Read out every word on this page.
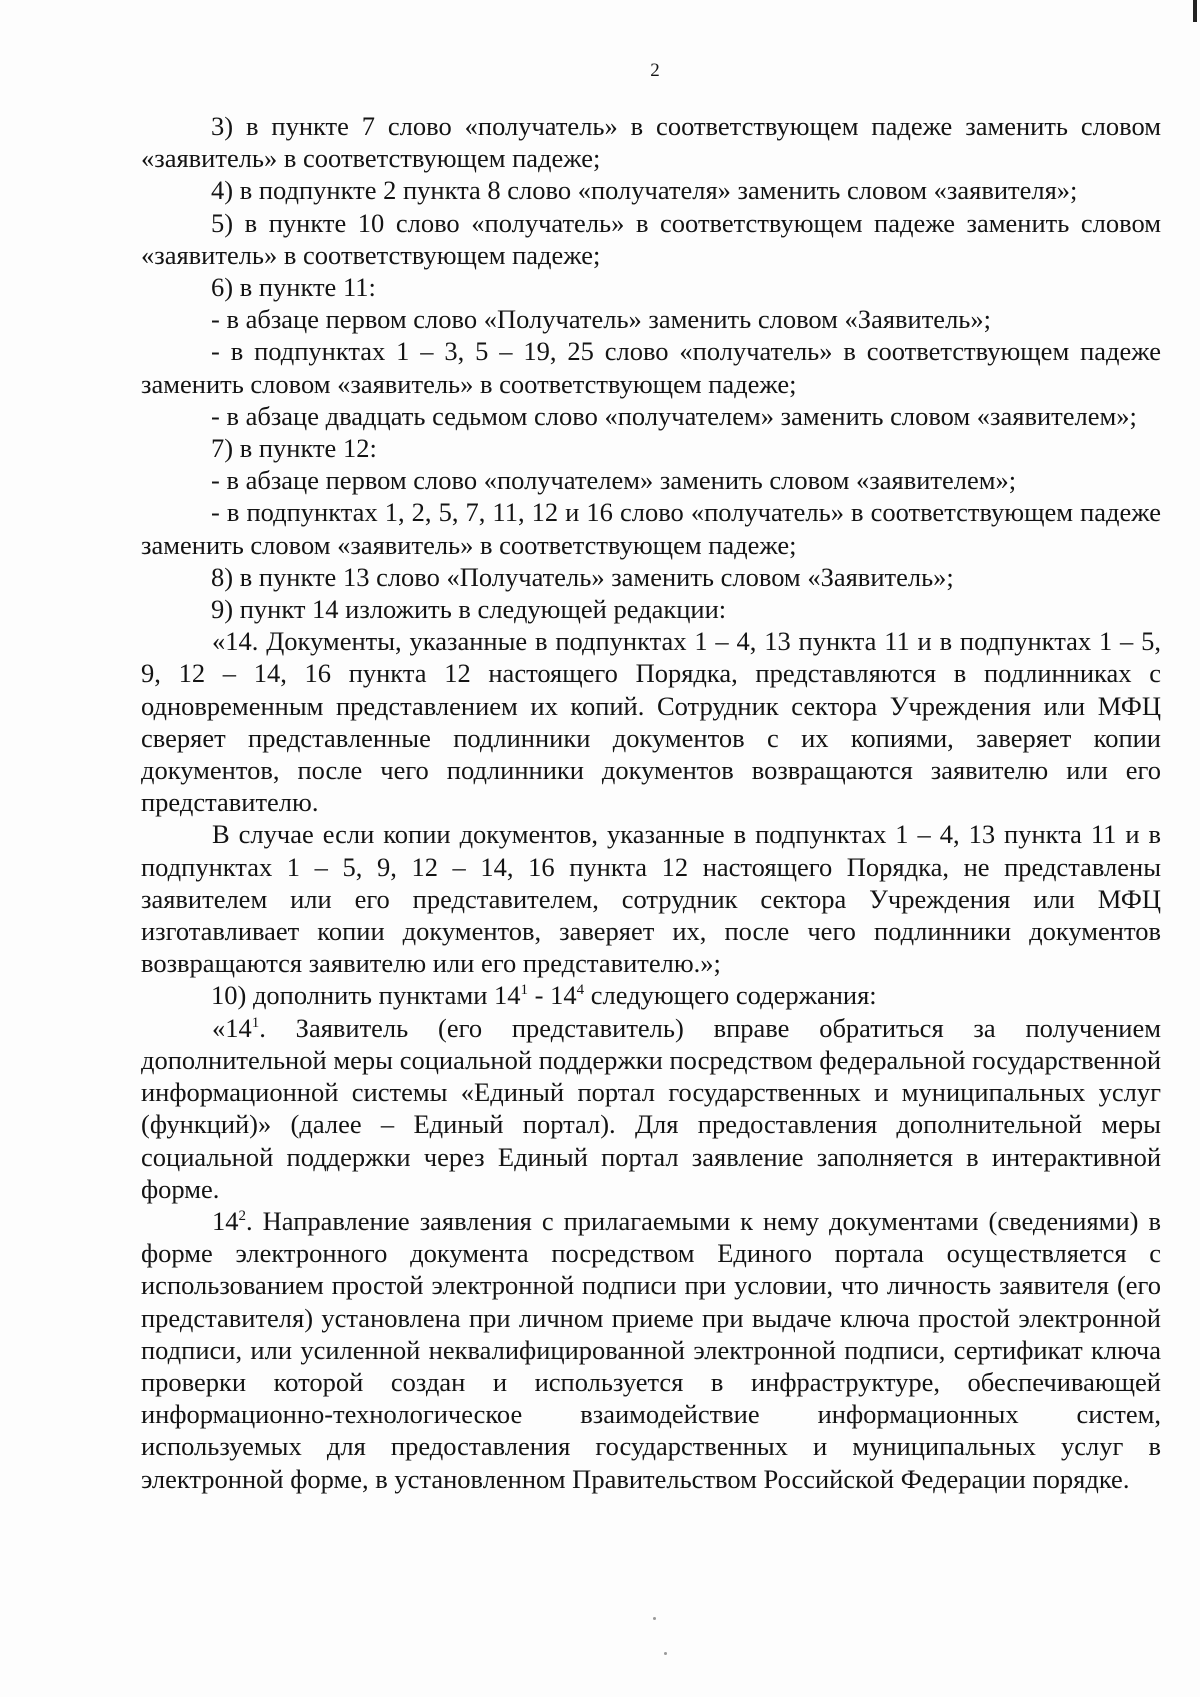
2

3) в пункте 7 слово «получатель» в соответствующем падеже заменить словом «заявитель» в соответствующем падеже;

4) в подпункте 2 пункта 8 слово «получателя» заменить словом «заявителя»;

5) в пункте 10 слово «получатель» в соответствующем падеже заменить словом «заявитель» в соответствующем падеже;

6) в пункте 11:

- в абзаце первом слово «Получатель» заменить словом «Заявитель»;

- в подпунктах 1 – 3, 5 – 19, 25 слово «получатель» в соответствующем падеже заменить словом «заявитель» в соответствующем падеже;

- в абзаце двадцать седьмом слово «получателем» заменить словом «заявителем»;

7) в пункте 12:

- в абзаце первом слово «получателем» заменить словом «заявителем»;

- в подпунктах 1, 2, 5, 7, 11, 12 и 16 слово «получатель» в соответствующем падеже заменить словом «заявитель» в соответствующем падеже;

8) в пункте 13 слово «Получатель» заменить словом «Заявитель»;

9) пункт 14 изложить в следующей редакции:

«14. Документы, указанные в подпунктах 1 – 4, 13 пункта 11 и в подпунктах 1 – 5, 9, 12 – 14, 16 пункта 12 настоящего Порядка, представляются в подлинниках с одновременным представлением их копий. Сотрудник сектора Учреждения или МФЦ сверяет представленные подлинники документов с их копиями, заверяет копии документов, после чего подлинники документов возвращаются заявителю или его представителю.

В случае если копии документов, указанные в подпунктах 1 – 4, 13 пункта 11 и в подпунктах 1 – 5, 9, 12 – 14, 16 пункта 12 настоящего Порядка, не представлены заявителем или его представителем, сотрудник сектора Учреждения или МФЦ изготавливает копии документов, заверяет их, после чего подлинники документов возвращаются заявителю или его представителю.»;

10) дополнить пунктами $14^1 - 14^4$ следующего содержания:

«$14^1$. Заявитель (его представитель) вправе обратиться за получением дополнительной меры социальной поддержки посредством федеральной государственной информационной системы «Единый портал государственных и муниципальных услуг (функций)» (далее – Единый портал). Для предоставления дополнительной меры социальной поддержки через Единый портал заявление заполняется в интерактивной форме.

$14^2$. Направление заявления с прилагаемыми к нему документами (сведениями) в форме электронного документа посредством Единого портала осуществляется с использованием простой электронной подписи при условии, что личность заявителя (его представителя) установлена при личном приеме при выдаче ключа простой электронной подписи, или усиленной неквалифицированной электронной подписи, сертификат ключа проверки которой создан и используется в инфраструктуре, обеспечивающей информационно-технологическое взаимодействие информационных систем, используемых для предоставления государственных и муниципальных услуг в электронной форме, в установленном Правительством Российской Федерации порядке.
